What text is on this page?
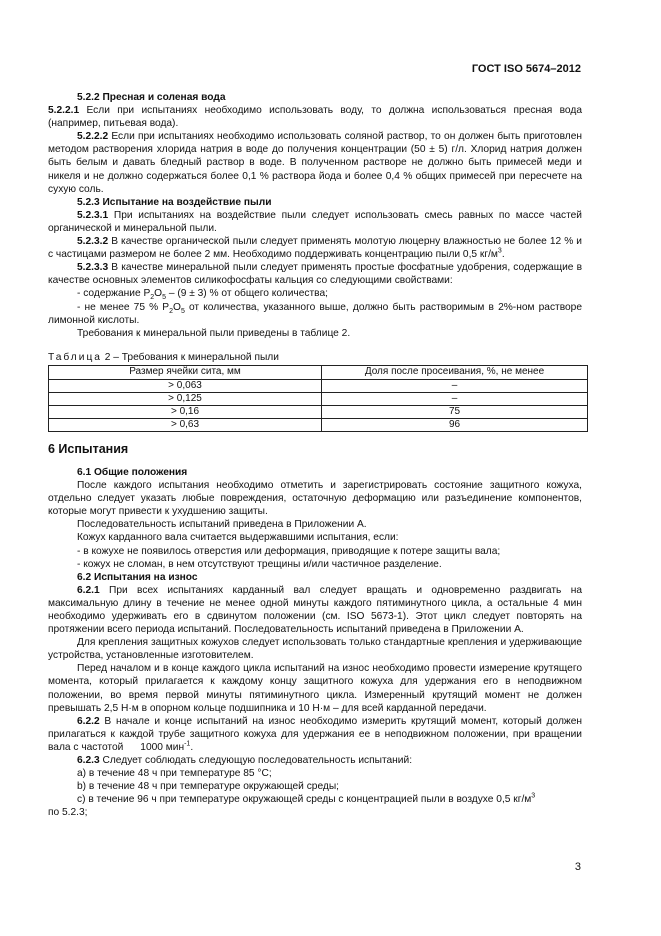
ГОСТ ISO 5674–2012

5.2.2 Пресная и соленая вода

5.2.2.1 Если при испытаниях необходимо использовать воду, то должна использоваться пресная вода (например, питьевая вода).

5.2.2.2 Если при испытаниях необходимо использовать соляной раствор, то он должен быть приготовлен методом растворения хлорида натрия в воде до получения концентрации (50 ± 5) г/л. Хлорид натрия должен быть белым и давать бледный раствор в воде. В полученном растворе не должно быть примесей меди и никеля и не должно содержаться более 0,1 % раствора йода и более 0,4 % общих примесей при пересчете на сухую соль.

5.2.3 Испытание на воздействие пыли

5.2.3.1 При испытаниях на воздействие пыли следует использовать смесь равных по массе частей органической и минеральной пыли.

5.2.3.2 В качестве органической пыли следует применять молотую люцерну влажностью не более 12 % и с частицами размером не более 2 мм. Необходимо поддерживать концентрацию пыли 0,5 $кг/м^3$.

5.2.3.3 В качестве минеральной пыли следует применять простые фосфатные удобрения, содержащие в качестве основных элементов силикофосфаты кальция со следующими свойствами:

- содержание $P_2O_5 - (9 \pm 3)$ % от общего количества;

- не менее 75 % $P_2O_5$ от количества, указанного выше, должно быть растворимым в 2%-ном растворе лимонной кислоты.

Требования к минеральной пыли приведены в таблице 2.

Таблица 2 – Требования к минеральной пыли

Размер ячейки сита, мм	Доля после просеивания, %, не менее
> 0,063	–
> 0,125	–
> 0,16	75
> 0,63	96

6 Испытания

6.1 Общие положения

После каждого испытания необходимо отметить и зарегистрировать состояние защитного кожуха, отдельно следует указать любые повреждения, остаточную деформацию или разъединение компонентов, которые могут привести к ухудшению защиты.

Последовательность испытаний приведена в Приложении А.

Кожух карданного вала считается выдержавшими испытания, если:

- в кожухе не появилось отверстия или деформация, приводящие к потере защиты вала;

- кожух не сломан, в нем отсутствуют трещины и/или частичное разделение.

6.2 Испытания на износ

6.2.1 При всех испытаниях карданный вал следует вращать и одновременно раздвигать на максимальную длину в течение не менее одной минуты каждого пятиминутного цикла, а остальные 4 мин необходимо удерживать его в сдвинутом положении (см. ISO 5673-1). Этот цикл следует повторять на протяжении всего периода испытаний. Последовательность испытаний приведена в Приложении А.

Для крепления защитных кожухов следует использовать только стандартные крепления и удерживающие устройства, установленные изготовителем.

Перед началом и в конце каждого цикла испытаний на износ необходимо провести измерение крутящего момента, который прилагается к каждому концу защитного кожуха для удержания его в неподвижном положении, во время первой минуты пятиминутного цикла. Измеренный крутящий момент не должен превышать 2,5 Н·м в опорном кольце подшипника и 10 Н·м – для всей карданной передачи.

6.2.2 В начале и конце испытаний на износ необходимо измерить крутящий момент, который должен прилагаться к каждой трубе защитного кожуха для удержания ее в неподвижном положении, при вращении вала с частотой      1000 мин$^{-1}$.

6.2.3 Следует соблюдать следующую последовательность испытаний:

а) в течение 48 ч при температуре 85 °С;

b) в течение 48 ч при температуре окружающей среды;

с) в течение 96 ч при температуре окружающей среды с концентрацией пыли в воздухе 0,5 $кг/м^3$

по 5.2.3;

3
